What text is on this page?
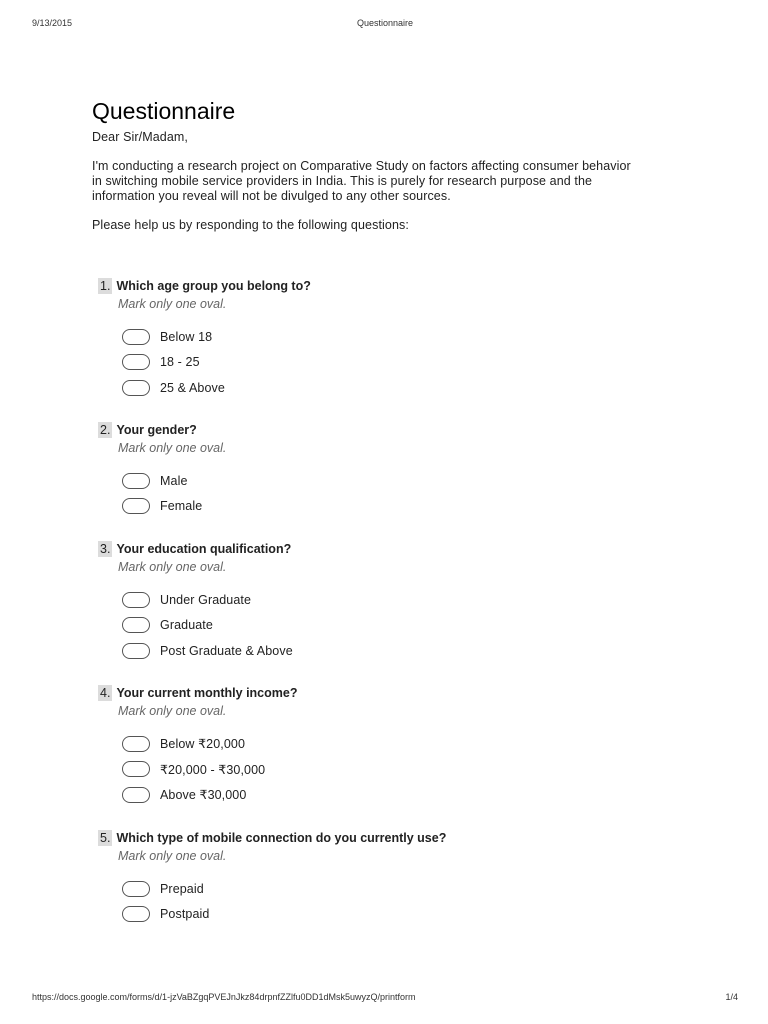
9/13/2015	Questionnaire
Questionnaire

Dear Sir/Madam,

I'm conducting a research project on Comparative Study on factors affecting consumer behavior

in switching mobile service providers in India. This is purely for research purpose and the

information you reveal will not be divulged to any other sources.

Please help us by responding to the following questions:

1. Which age group you belong to?
Mark only one oval.
Below 18
18 - 25
25 & Above
2. Your gender?
Mark only one oval.
Male
Female
3. Your education qualification?
Mark only one oval.
Under Graduate
Graduate
Post Graduate & Above
4. Your current monthly income?
Mark only one oval.
Below ₹20,000
₹20,000 - ₹30,000
Above ₹30,000
5. Which type of mobile connection do you currently use?
Mark only one oval.
Prepaid
Postpaid
https://docs.google.com/forms/d/1-jzVaBZgqPVEJnJkz84drpnfZZlfu0DD1dMsk5uwyzQ/printform	1/4
